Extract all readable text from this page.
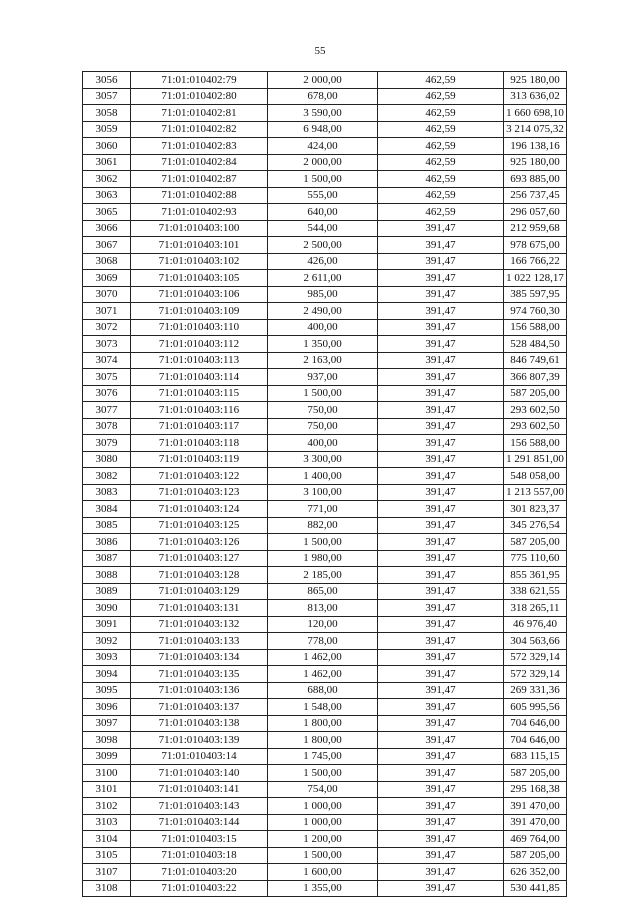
55
3056	71:01:010402:79	2 000,00	462,59	925 180,00
3057	71:01:010402:80	678,00	462,59	313 636,02
3058	71:01:010402:81	3 590,00	462,59	1 660 698,10
3059	71:01:010402:82	6 948,00	462,59	3 214 075,32
3060	71:01:010402:83	424,00	462,59	196 138,16
3061	71:01:010402:84	2 000,00	462,59	925 180,00
3062	71:01:010402:87	1 500,00	462,59	693 885,00
3063	71:01:010402:88	555,00	462,59	256 737,45
3065	71:01:010402:93	640,00	462,59	296 057,60
3066	71:01:010403:100	544,00	391,47	212 959,68
3067	71:01:010403:101	2 500,00	391,47	978 675,00
3068	71:01:010403:102	426,00	391,47	166 766,22
3069	71:01:010403:105	2 611,00	391,47	1 022 128,17
3070	71:01:010403:106	985,00	391,47	385 597,95
3071	71:01:010403:109	2 490,00	391,47	974 760,30
3072	71:01:010403:110	400,00	391,47	156 588,00
3073	71:01:010403:112	1 350,00	391,47	528 484,50
3074	71:01:010403:113	2 163,00	391,47	846 749,61
3075	71:01:010403:114	937,00	391,47	366 807,39
3076	71:01:010403:115	1 500,00	391,47	587 205,00
3077	71:01:010403:116	750,00	391,47	293 602,50
3078	71:01:010403:117	750,00	391,47	293 602,50
3079	71:01:010403:118	400,00	391,47	156 588,00
3080	71:01:010403:119	3 300,00	391,47	1 291 851,00
3082	71:01:010403:122	1 400,00	391,47	548 058,00
3083	71:01:010403:123	3 100,00	391,47	1 213 557,00
3084	71:01:010403:124	771,00	391,47	301 823,37
3085	71:01:010403:125	882,00	391,47	345 276,54
3086	71:01:010403:126	1 500,00	391,47	587 205,00
3087	71:01:010403:127	1 980,00	391,47	775 110,60
3088	71:01:010403:128	2 185,00	391,47	855 361,95
3089	71:01:010403:129	865,00	391,47	338 621,55
3090	71:01:010403:131	813,00	391,47	318 265,11
3091	71:01:010403:132	120,00	391,47	46 976,40
3092	71:01:010403:133	778,00	391,47	304 563,66
3093	71:01:010403:134	1 462,00	391,47	572 329,14
3094	71:01:010403:135	1 462,00	391,47	572 329,14
3095	71:01:010403:136	688,00	391,47	269 331,36
3096	71:01:010403:137	1 548,00	391,47	605 995,56
3097	71:01:010403:138	1 800,00	391,47	704 646,00
3098	71:01:010403:139	1 800,00	391,47	704 646,00
3099	71:01:010403:14	1 745,00	391,47	683 115,15
3100	71:01:010403:140	1 500,00	391,47	587 205,00
3101	71:01:010403:141	754,00	391,47	295 168,38
3102	71:01:010403:143	1 000,00	391,47	391 470,00
3103	71:01:010403:144	1 000,00	391,47	391 470,00
3104	71:01:010403:15	1 200,00	391,47	469 764,00
3105	71:01:010403:18	1 500,00	391,47	587 205,00
3107	71:01:010403:20	1 600,00	391,47	626 352,00
3108	71:01:010403:22	1 355,00	391,47	530 441,85
